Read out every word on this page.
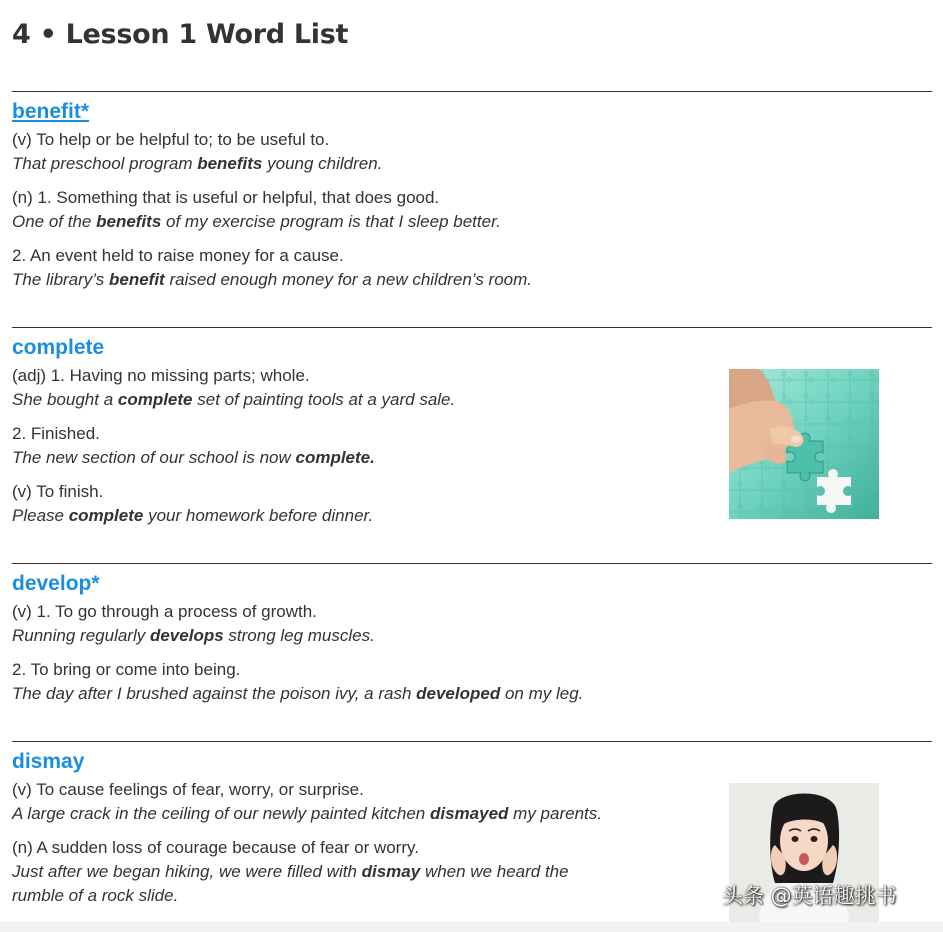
4 • Lesson 1 Word List
benefit*
(v) To help or be helpful to; to be useful to.
That preschool program benefits young children.
(n) 1. Something that is useful or helpful, that does good.
One of the benefits of my exercise program is that I sleep better.
2. An event held to raise money for a cause.
The library’s benefit raised enough money for a new children’s room.
complete
(adj) 1. Having no missing parts; whole.
She bought a complete set of painting tools at a yard sale.
2. Finished.
The new section of our school is now complete.
(v) To finish.
Please complete your homework before dinner.
develop*
(v) 1. To go through a process of growth.
Running regularly develops strong leg muscles.
2. To bring or come into being.
The day after I brushed against the poison ivy, a rash developed on my leg.
dismay
(v) To cause feelings of fear, worry, or surprise.
A large crack in the ceiling of our newly painted kitchen dismayed my parents.
(n) A sudden loss of courage because of fear or worry.
Just after we began hiking, we were filled with dismay when we heard the rumble of a rock slide.	头条 @英语趣挑书
